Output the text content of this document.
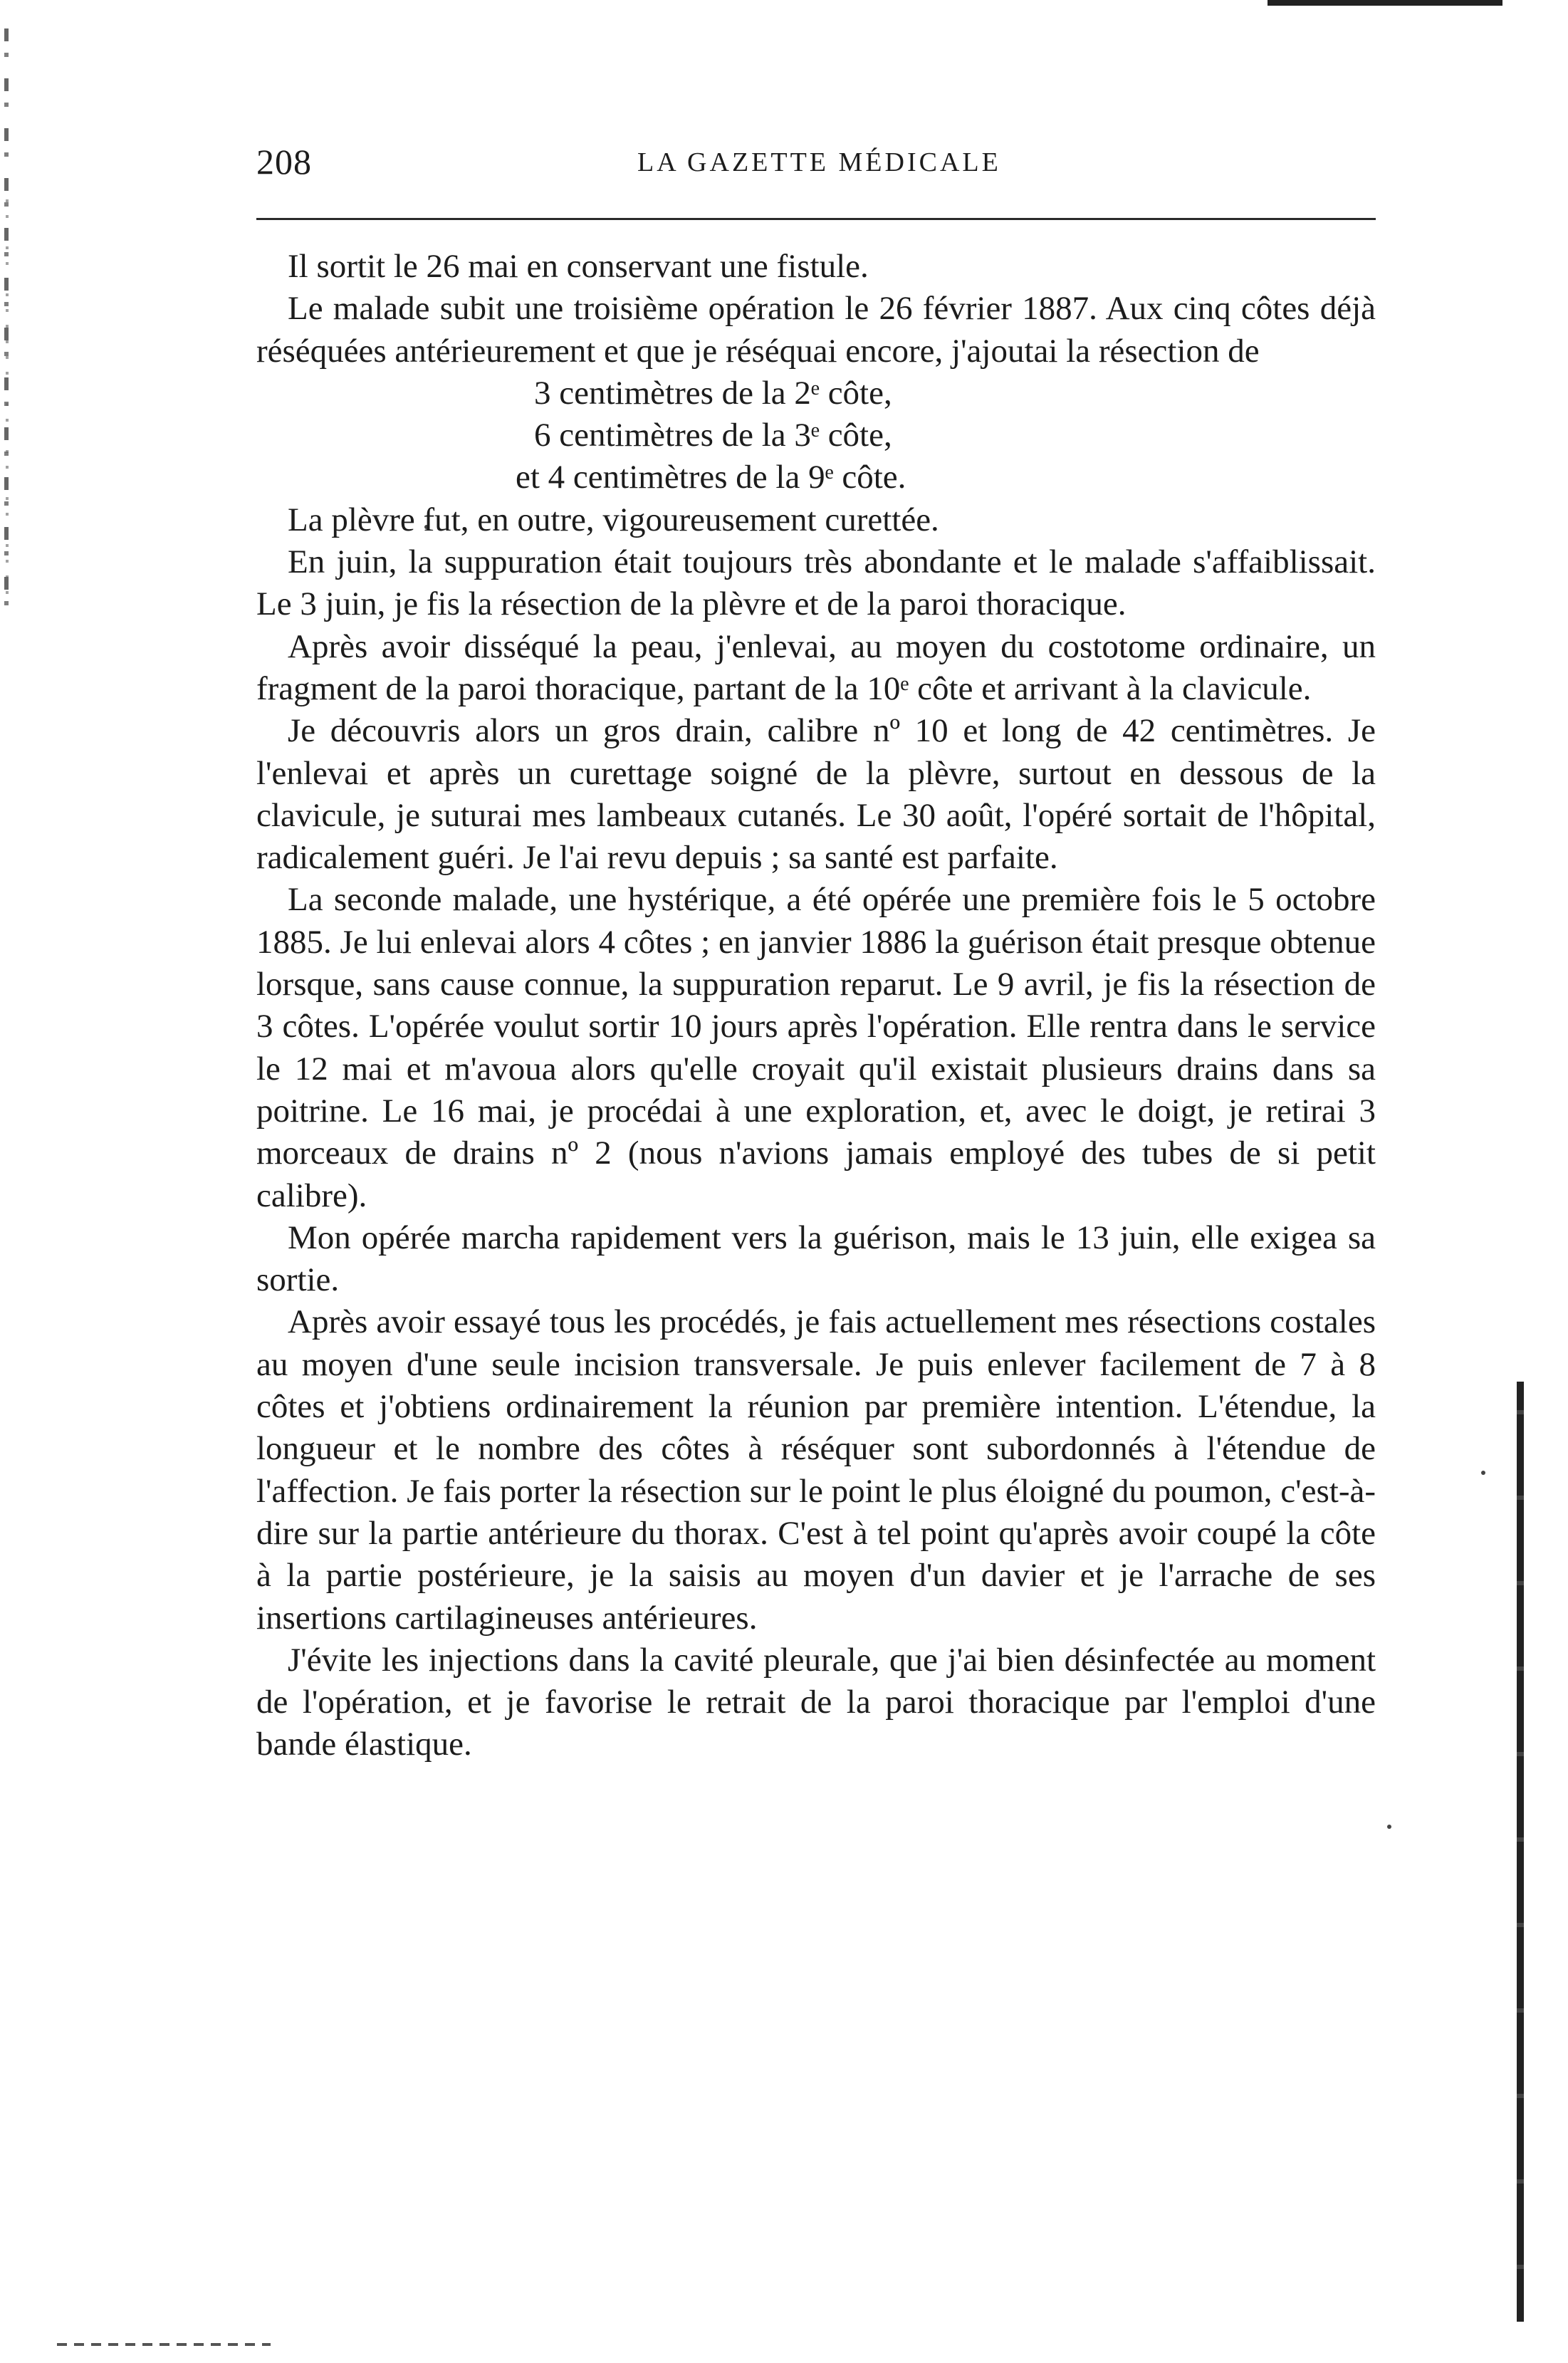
208	LA GAZETTE MÉDICALE

Il sortit le 26 mai en conservant une fistule.

Le malade subit une troisième opération le 26 février 1887. Aux cinq côtes déjà réséquées antérieurement et que je réséquai encore, j'ajoutai la résection de

3 centimètres de la 2ᵉ côte,
6 centimètres de la 3ᵉ côte,
et 4 centimètres de la 9ᵉ côte.

La plèvre fut, en outre, vigoureusement curettée.

En juin, la suppuration était toujours très abondante et le malade s'affaiblissait. Le 3 juin, je fis la résection de la plèvre et de la paroi thoracique.

Après avoir disséqué la peau, j'enlevai, au moyen du costotome ordinaire, un fragment de la paroi thoracique, partant de la 10ᵉ côte et arrivant à la clavicule.

Je découvris alors un gros drain, calibre nº 10 et long de 42 centimètres. Je l'enlevai et après un curettage soigné de la plèvre, surtout en dessous de la clavicule, je suturai mes lambeaux cutanés. Le 30 août, l'opéré sortait de l'hôpital, radicalement guéri. Je l'ai revu depuis ; sa santé est parfaite.

La seconde malade, une hystérique, a été opérée une première fois le 5 octobre 1885. Je lui enlevai alors 4 côtes ; en janvier 1886 la guérison était presque obtenue lorsque, sans cause connue, la suppuration reparut. Le 9 avril, je fis la résection de 3 côtes. L'opérée voulut sortir 10 jours après l'opération. Elle rentra dans le service le 12 mai et m'avoua alors qu'elle croyait qu'il existait plusieurs drains dans sa poitrine. Le 16 mai, je procédai à une exploration, et, avec le doigt, je retirai 3 morceaux de drains nº 2 (nous n'avions jamais employé des tubes de si petit calibre).

Mon opérée marcha rapidement vers la guérison, mais le 13 juin, elle exigea sa sortie.

Après avoir essayé tous les procédés, je fais actuellement mes résections costales au moyen d'une seule incision transversale. Je puis enlever facilement de 7 à 8 côtes et j'obtiens ordinairement la réunion par première intention. L'étendue, la longueur et le nombre des côtes à réséquer sont subordonnés à l'étendue de l'affection. Je fais porter la résection sur le point le plus éloigné du poumon, c'est-à-dire sur la partie antérieure du thorax. C'est à tel point qu'après avoir coupé la côte à la partie postérieure, je la saisis au moyen d'un davier et je l'arrache de ses insertions cartilagineuses antérieures.

J'évite les injections dans la cavité pleurale, que j'ai bien désinfectée au moment de l'opération, et je favorise le retrait de la paroi thoracique par l'emploi d'une bande élastique.
